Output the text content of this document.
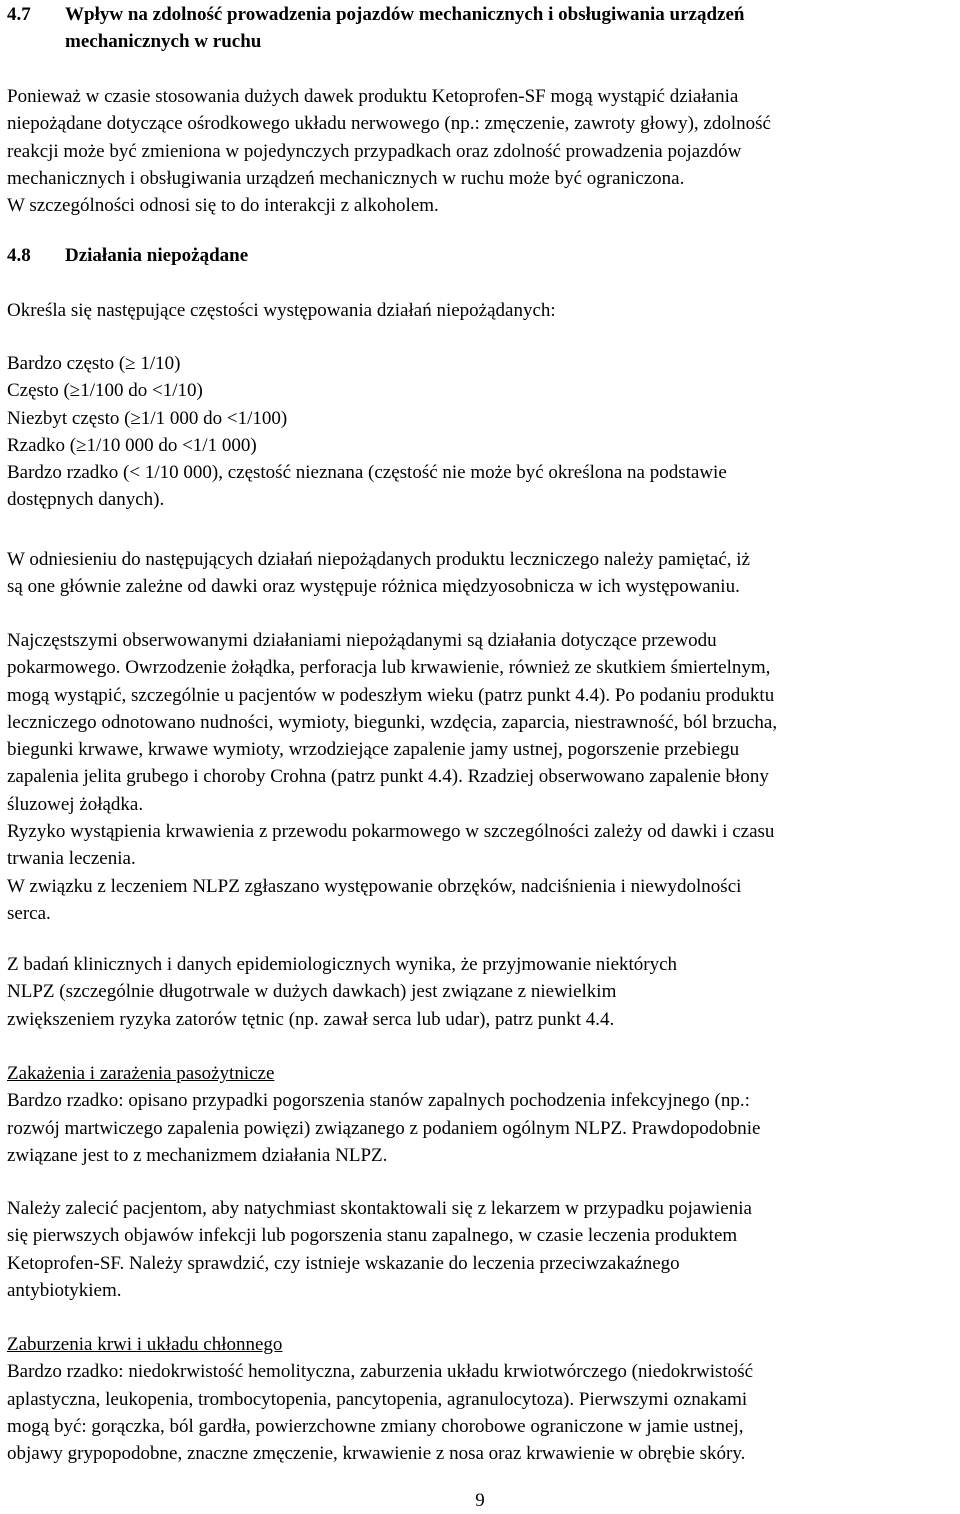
4.7 Wpływ na zdolność prowadzenia pojazdów mechanicznych i obsługiwania urządzeń
mechanicznych w ruchu
Ponieważ w czasie stosowania dużych dawek produktu Ketoprofen-SF mogą wystąpić działania
niepożądane dotyczące ośrodkowego układu nerwowego (np.: zmęczenie, zawroty głowy), zdolność
reakcji może być zmieniona w pojedynczych przypadkach oraz zdolność prowadzenia pojazdów
mechanicznych i obsługiwania urządzeń mechanicznych w ruchu może być ograniczona.
W szczególności odnosi się to do interakcji z alkoholem.
4.8 Działania niepożądane
Określa się następujące częstości występowania działań niepożądanych:
Bardzo często (≥ 1/10)
Często (≥1/100 do <1/10)
Niezbyt często (≥1/1 000 do <1/100)
Rzadko (≥1/10 000 do <1/1 000)
Bardzo rzadko (< 1/10 000), częstość nieznana (częstość nie może być określona na podstawie
dostępnych danych).
W odniesieniu do następujących działań niepożądanych produktu leczniczego należy pamiętać, iż
są one głównie zależne od dawki oraz występuje różnica międzyosobnicza w ich występowaniu.
Najczęstszymi obserwowanymi działaniami niepożądanymi są działania dotyczące przewodu
pokarmowego. Owrzodzenie żołądka, perforacja lub krwawienie, również ze skutkiem śmiertelnym,
mogą wystąpić, szczególnie u pacjentów w podeszłym wieku (patrz punkt 4.4). Po podaniu produktu
leczniczego odnotowano nudności, wymioty, biegunki, wzdęcia, zaparcia, niestrawność, ból brzucha,
biegunki krwawe, krwawe wymioty, wrzodziejące zapalenie jamy ustnej, pogorszenie przebiegu
zapalenia jelita grubego i choroby Crohna (patrz punkt 4.4). Rzadziej obserwowano zapalenie błony
śluzowej żołądka.
Ryzyko wystąpienia krwawienia z przewodu pokarmowego w szczególności zależy od dawki i czasu
trwania leczenia.
W związku z leczeniem NLPZ zgłaszano występowanie obrzęków, nadciśnienia i niewydolności
serca.
Z badań klinicznych i danych epidemiologicznych wynika, że przyjmowanie niektórych
NLPZ (szczególnie długotrwale w dużych dawkach) jest związane z niewielkim
zwiększeniem ryzyka zatorów tętnic (np. zawał serca lub udar), patrz punkt 4.4.
Zakażenia i zarażenia pasożytnicze
Bardzo rzadko: opisano przypadki pogorszenia stanów zapalnych pochodzenia infekcyjnego (np.:
rozwój martwiczego zapalenia powięzi) związanego z podaniem ogólnym NLPZ. Prawdopodobnie
związane jest to z mechanizmem działania NLPZ.
Należy zalecić pacjentom, aby natychmiast skontaktowali się z lekarzem w przypadku pojawienia
się pierwszych objawów infekcji lub pogorszenia stanu zapalnego, w czasie leczenia produktem
Ketoprofen-SF. Należy sprawdzić, czy istnieje wskazanie do leczenia przeciwzakaźnego
antybiotykiem.
Zaburzenia krwi i układu chłonnego
Bardzo rzadko: niedokrwistość hemolityczna, zaburzenia układu krwiotwórczego (niedokrwistość
aplastyczna, leukopenia, trombocytopenia, pancytopenia, agranulocytoza). Pierwszymi oznakami
mogą być: gorączka, ból gardła, powierzchowne zmiany chorobowe ograniczone w jamie ustnej,
objawy grypopodobne, znaczne zmęczenie, krwawienie z nosa oraz krwawienie w obrębie skóry.
9
